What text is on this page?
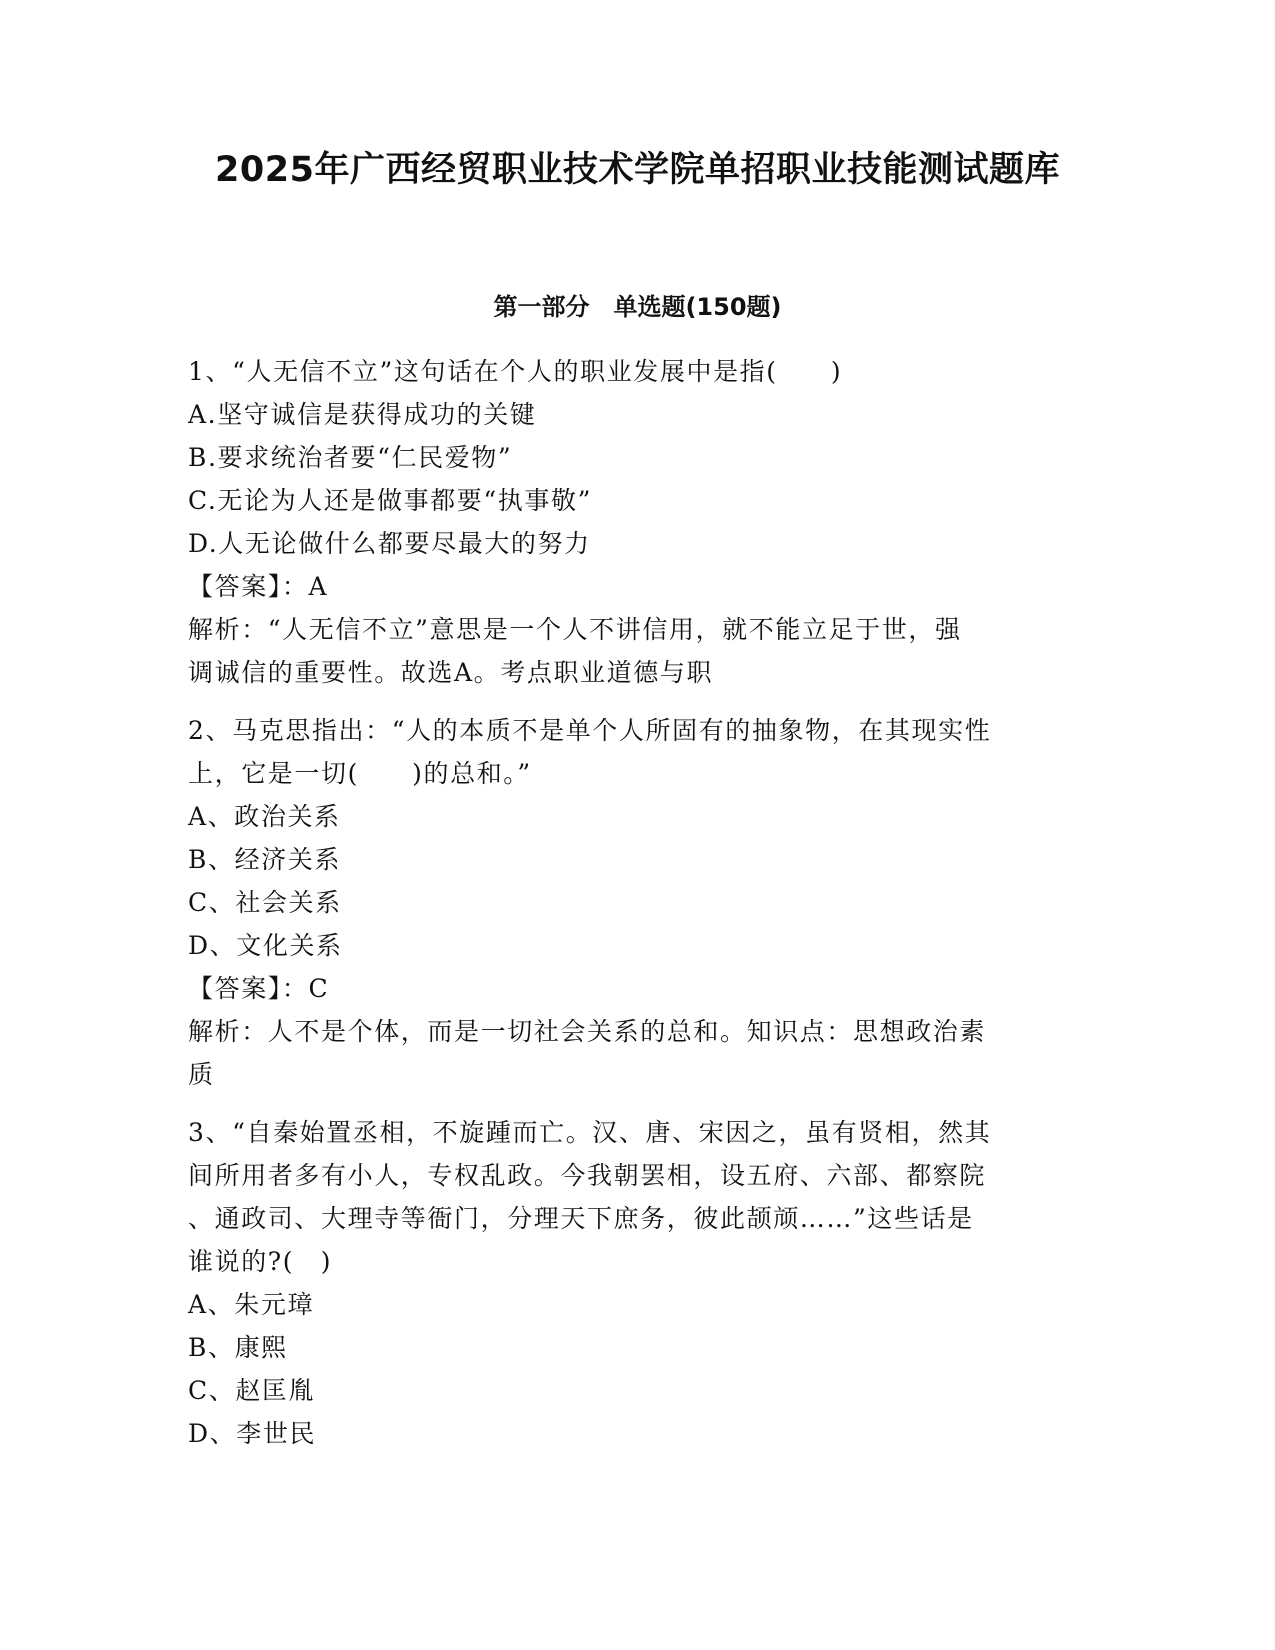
2025年广西经贸职业技术学院单招职业技能测试题库
第一部分　单选题(150题)
1、“人无信不立”这句话在个人的职业发展中是指(　　)
A.坚守诚信是获得成功的关键
B.要求统治者要“仁民爱物”
C.无论为人还是做事都要“执事敬”
D.人无论做什么都要尽最大的努力
【答案】：A
解析：“人无信不立”意思是一个人不讲信用，就不能立足于世，强
调诚信的重要性。故选A。考点职业道德与职
2、马克思指出：“人的本质不是单个人所固有的抽象物，在其现实性
上，它是一切(　　)的总和。”
A、政治关系
B、经济关系
C、社会关系
D、文化关系
【答案】：C
解析：人不是个体，而是一切社会关系的总和。知识点：思想政治素
质
3、“自秦始置丞相，不旋踵而亡。汉、唐、宋因之，虽有贤相，然其
间所用者多有小人，专权乱政。今我朝罢相，设五府、六部、都察院
、通政司、大理寺等衙门，分理天下庶务，彼此颉颃……”这些话是
谁说的?(　)
A、朱元璋
B、康熙
C、赵匡胤
D、李世民
